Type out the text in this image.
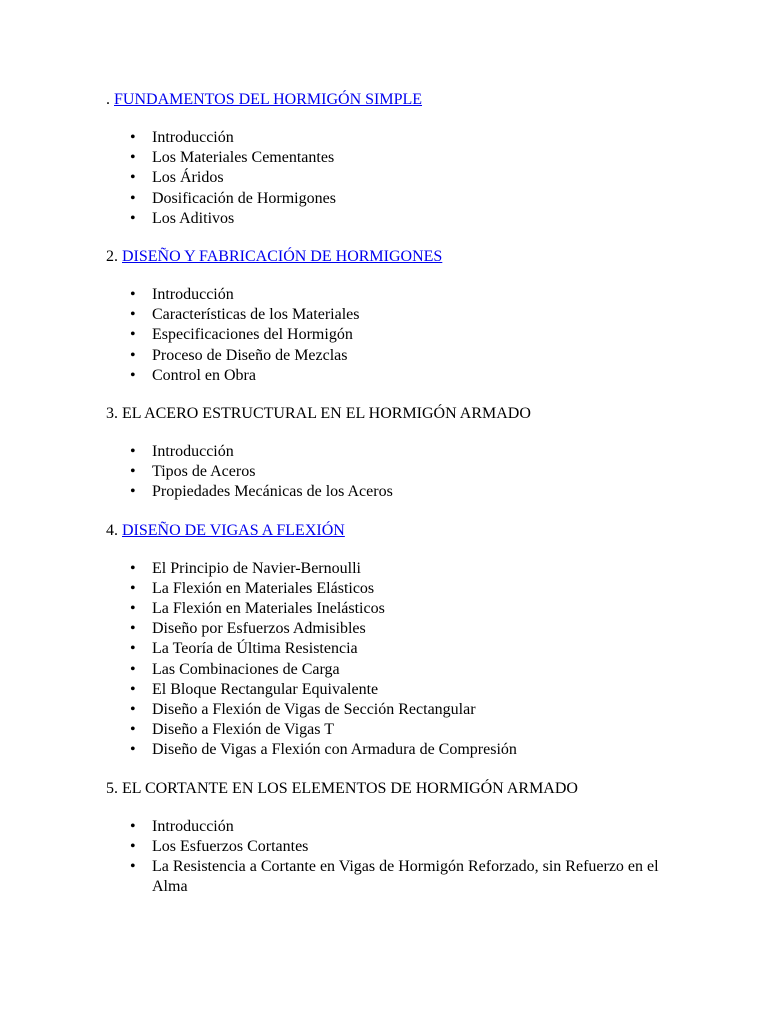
. FUNDAMENTOS DEL HORMIGÓN SIMPLE

• Introducción
• Los Materiales Cementantes
• Los Áridos
• Dosificación de Hormigones
• Los Aditivos

2. DISEÑO Y FABRICACIÓN DE HORMIGONES

• Introducción
• Características de los Materiales
• Especificaciones del Hormigón
• Proceso de Diseño de Mezclas
• Control en Obra

3. EL ACERO ESTRUCTURAL EN EL HORMIGÓN ARMADO

• Introducción
• Tipos de Aceros
• Propiedades Mecánicas de los Aceros

4. DISEÑO DE VIGAS A FLEXIÓN

• El Principio de Navier-Bernoulli
• La Flexión en Materiales Elásticos
• La Flexión en Materiales Inelásticos
• Diseño por Esfuerzos Admisibles
• La Teoría de Última Resistencia
• Las Combinaciones de Carga
• El Bloque Rectangular Equivalente
• Diseño a Flexión de Vigas de Sección Rectangular
• Diseño a Flexión de Vigas T
• Diseño de Vigas a Flexión con Armadura de Compresión

5. EL CORTANTE EN LOS ELEMENTOS DE HORMIGÓN ARMADO

• Introducción
• Los Esfuerzos Cortantes
• La Resistencia a Cortante en Vigas de Hormigón Reforzado, sin Refuerzo en el Alma
